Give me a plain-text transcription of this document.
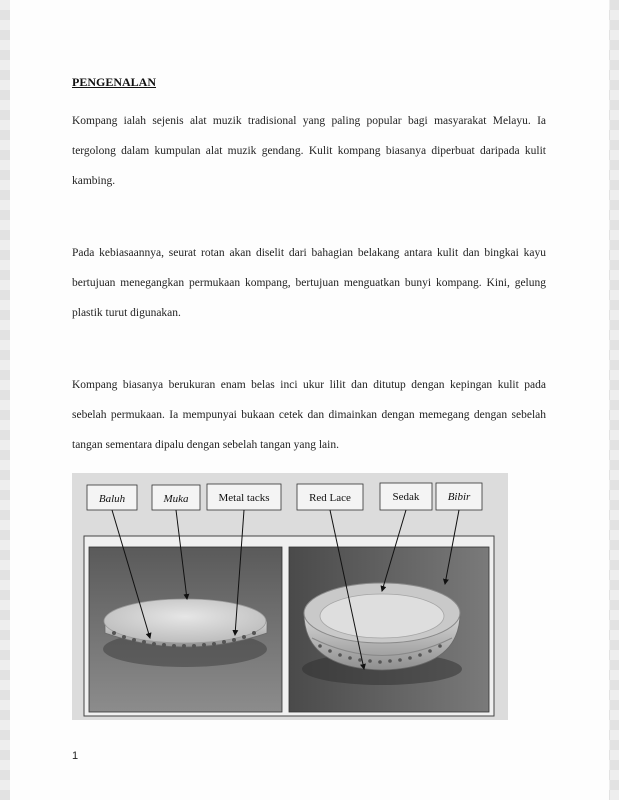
PENGENALAN

Kompang ialah sejenis alat muzik tradisional yang paling popular bagi masyarakat Melayu. Ia tergolong dalam kumpulan alat muzik gendang. Kulit kompang biasanya diperbuat daripada kulit kambing.

Pada kebiasaannya, seurat rotan akan diselit dari bahagian belakang antara kulit dan bingkai kayu bertujuan menegangkan permukaan kompang, bertujuan menguatkan bunyi kompang. Kini, gelung plastik turut digunakan.

Kompang biasanya berukuran enam belas inci ukur lilit dan ditutup dengan kepingan kulit pada sebelah permukaan. Ia mempunyai bukaan cetek dan dimainkan dengan memegang dengan sebelah tangan sementara dipalu dengan sebelah tangan yang lain.

Baluh	Muka	Metal tacks	Red Lace	Sedak	Bibir
1
